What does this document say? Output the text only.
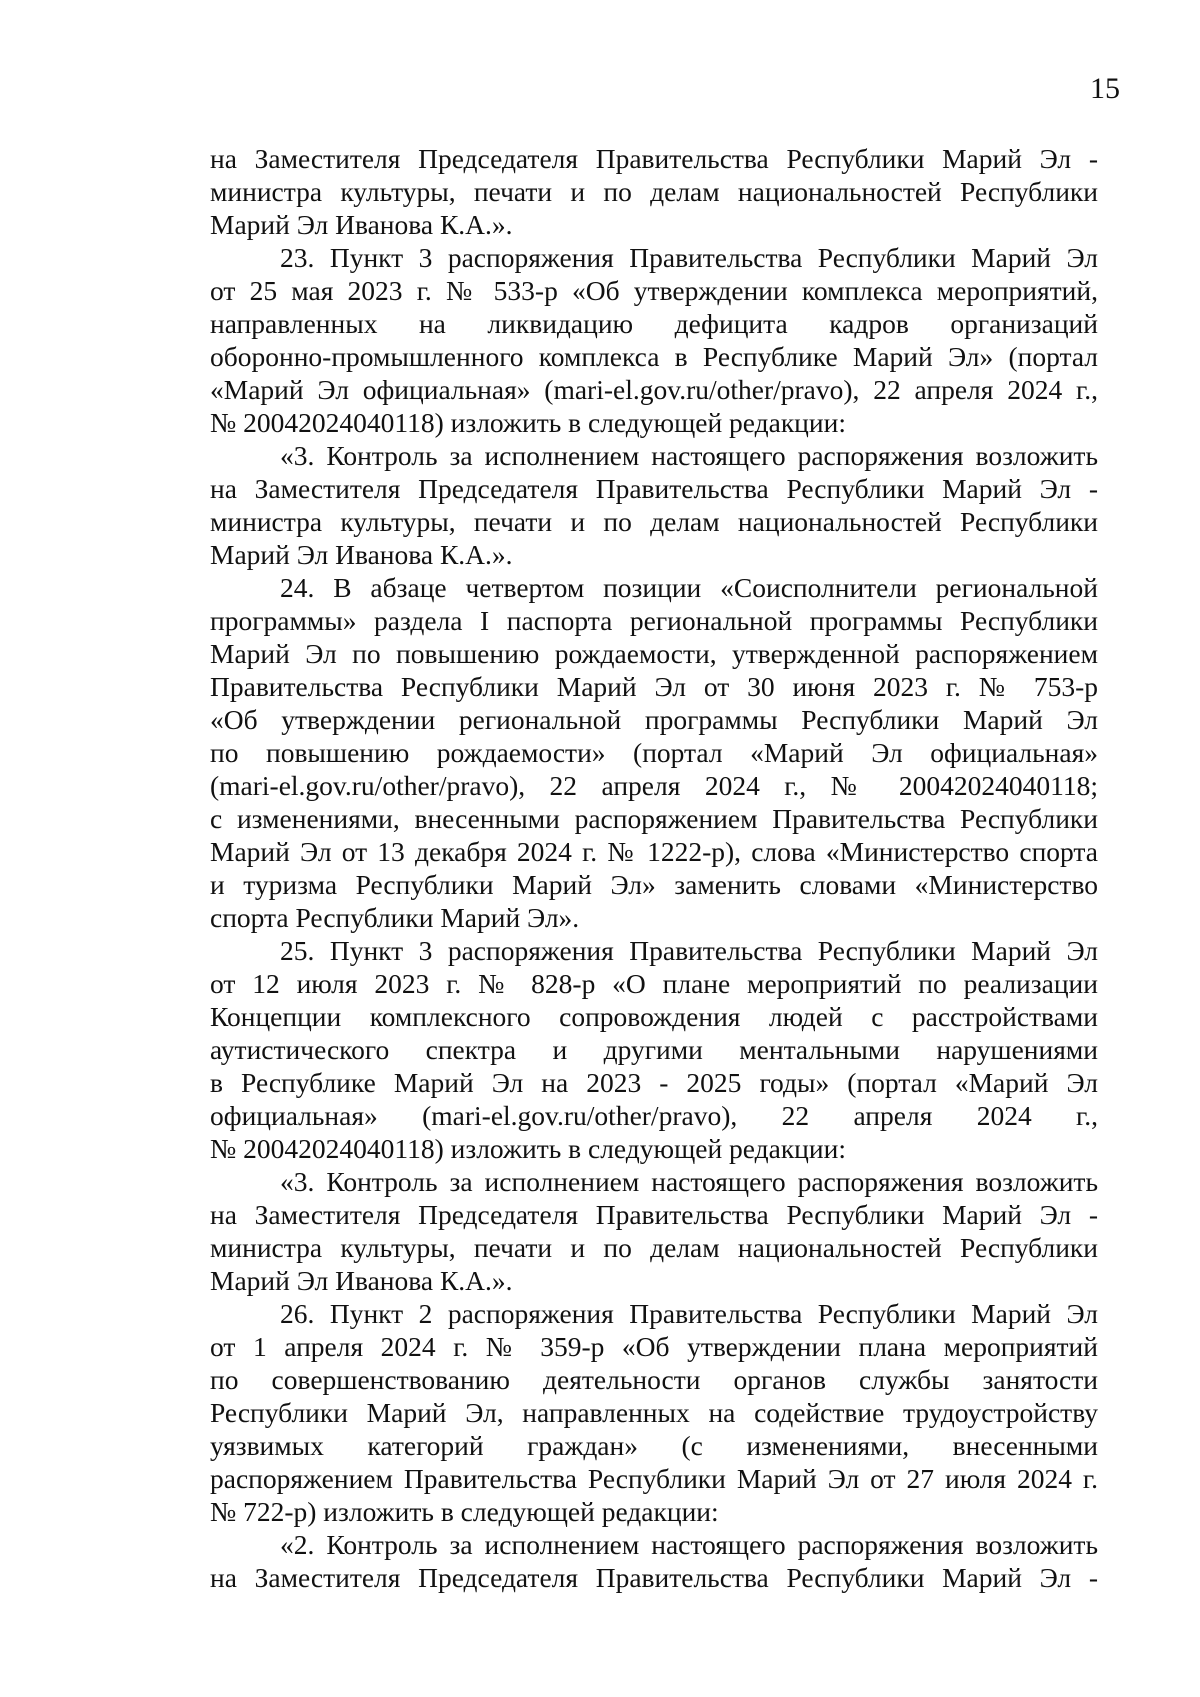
15
на Заместителя Председателя Правительства Республики Марий Эл -
министра культуры, печати и по делам национальностей Республики
Марий Эл Иванова К.А.».
23. Пункт 3 распоряжения Правительства Республики Марий Эл
от 25 мая 2023 г. № 533-р «Об утверждении комплекса мероприятий,
направленных на ликвидацию дефицита кадров организаций
оборонно-промышленного комплекса в Республике Марий Эл» (портал
«Марий Эл официальная» (mari-el.gov.ru/other/pravo), 22 апреля 2024 г.,
№ 20042024040118) изложить в следующей редакции:
«3. Контроль за исполнением настоящего распоряжения возложить
на Заместителя Председателя Правительства Республики Марий Эл -
министра культуры, печати и по делам национальностей Республики
Марий Эл Иванова К.А.».
24. В абзаце четвертом позиции «Соисполнители региональной
программы» раздела I паспорта региональной программы Республики
Марий Эл по повышению рождаемости, утвержденной распоряжением
Правительства Республики Марий Эл от 30 июня 2023 г. № 753-р
«Об утверждении региональной программы Республики Марий Эл
по повышению рождаемости» (портал «Марий Эл официальная»
(mari-el.gov.ru/other/pravo), 22 апреля 2024 г., № 20042024040118;
с изменениями, внесенными распоряжением Правительства Республики
Марий Эл от 13 декабря 2024 г. № 1222-р), слова «Министерство спорта
и туризма Республики Марий Эл» заменить словами «Министерство
спорта Республики Марий Эл».
25. Пункт 3 распоряжения Правительства Республики Марий Эл
от 12 июля 2023 г. № 828-р «О плане мероприятий по реализации
Концепции комплексного сопровождения людей с расстройствами
аутистического спектра и другими ментальными нарушениями
в Республике Марий Эл на 2023 - 2025 годы» (портал «Марий Эл
официальная» (mari-el.gov.ru/other/pravo), 22 апреля 2024 г.,
№ 20042024040118) изложить в следующей редакции:
«3. Контроль за исполнением настоящего распоряжения возложить
на Заместителя Председателя Правительства Республики Марий Эл -
министра культуры, печати и по делам национальностей Республики
Марий Эл Иванова К.А.».
26. Пункт 2 распоряжения Правительства Республики Марий Эл
от 1 апреля 2024 г. № 359-р «Об утверждении плана мероприятий
по совершенствованию деятельности органов службы занятости
Республики Марий Эл, направленных на содействие трудоустройству
уязвимых категорий граждан» (с изменениями, внесенными
распоряжением Правительства Республики Марий Эл от 27 июля 2024 г.
№ 722-р) изложить в следующей редакции:
«2. Контроль за исполнением настоящего распоряжения возложить
на Заместителя Председателя Правительства Республики Марий Эл -
